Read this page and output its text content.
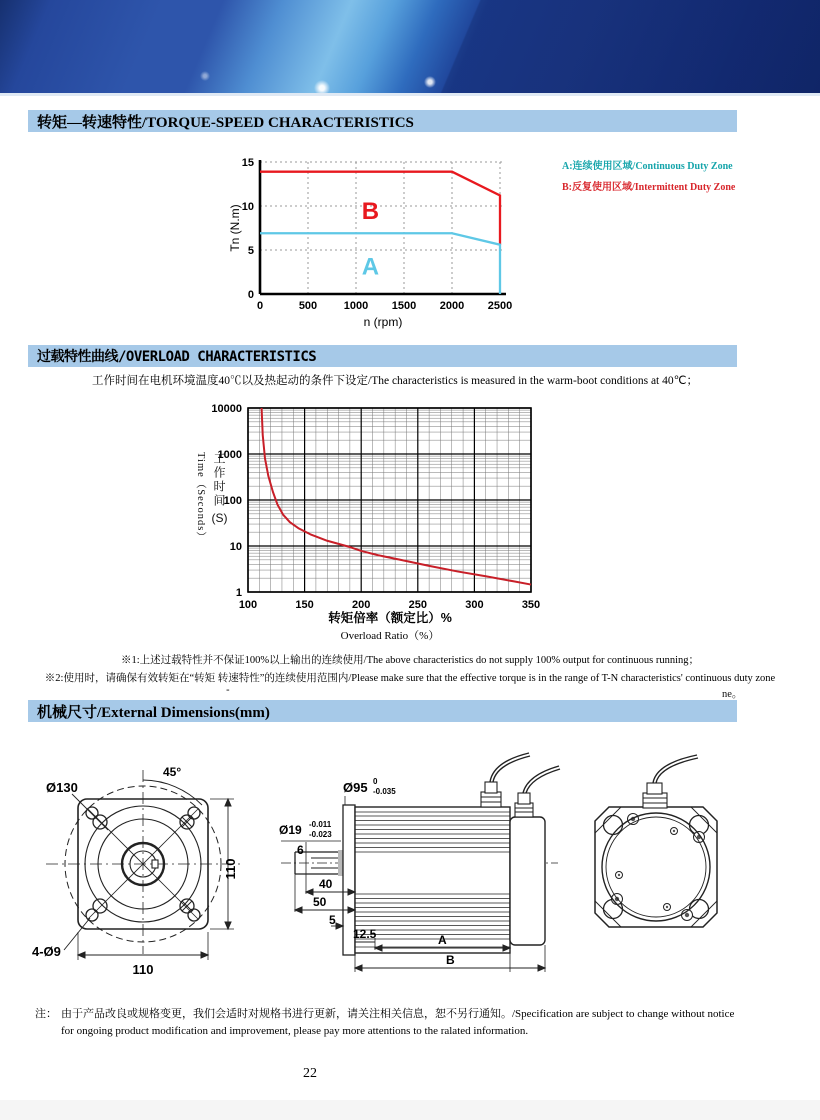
转矩—转速特性/TORQUE-SPEED CHARACTERISTICS
0
5
10
15
0	500 1000 1500 2000 2500
n (rpm)
Tn (N.m)	B
A
A:连续使用区域/Continuous Duty Zone
B:反复使用区域/Intermittent Duty Zone
过载特性曲线/OVERLOAD CHARACTERISTICS
工作时间在电机环境温度40℃以及热起动的条件下设定/The characteristics is measured in the warm-boot conditions at 40℃；
10000
1000
100
10
1
100	150	200	250	300	350
Time（Seconds） 工作时间
(S)
转矩倍率（额定比）%
Overload Ratio（%）
※1:上述过载特性并不保证100%以上输出的连续使用/The above characteristics do not supply 100% output for continuous running；
※2:使用时，请确保有效转矩在“转矩 转速特性”的连续使用范围内/Please make sure that the effective torque is in the range of T-N characteristics' continuous duty zone
ne。
-
机械尺寸/External Dimensions(mm)
Ø130
45°
110
110
4-Ø9
Ø95 0
-0.035
Ø19 -0.011
-0.023
6
40
50
5
12.5	A
B
注： 由于产品改良或规格变更，我们会适时对规格书进行更新，请关注相关信息，恕不另行通知。/Specification are subject to change without notice
for ongoing product modification and improvement, please pay more attentions to the ralated information.
22
